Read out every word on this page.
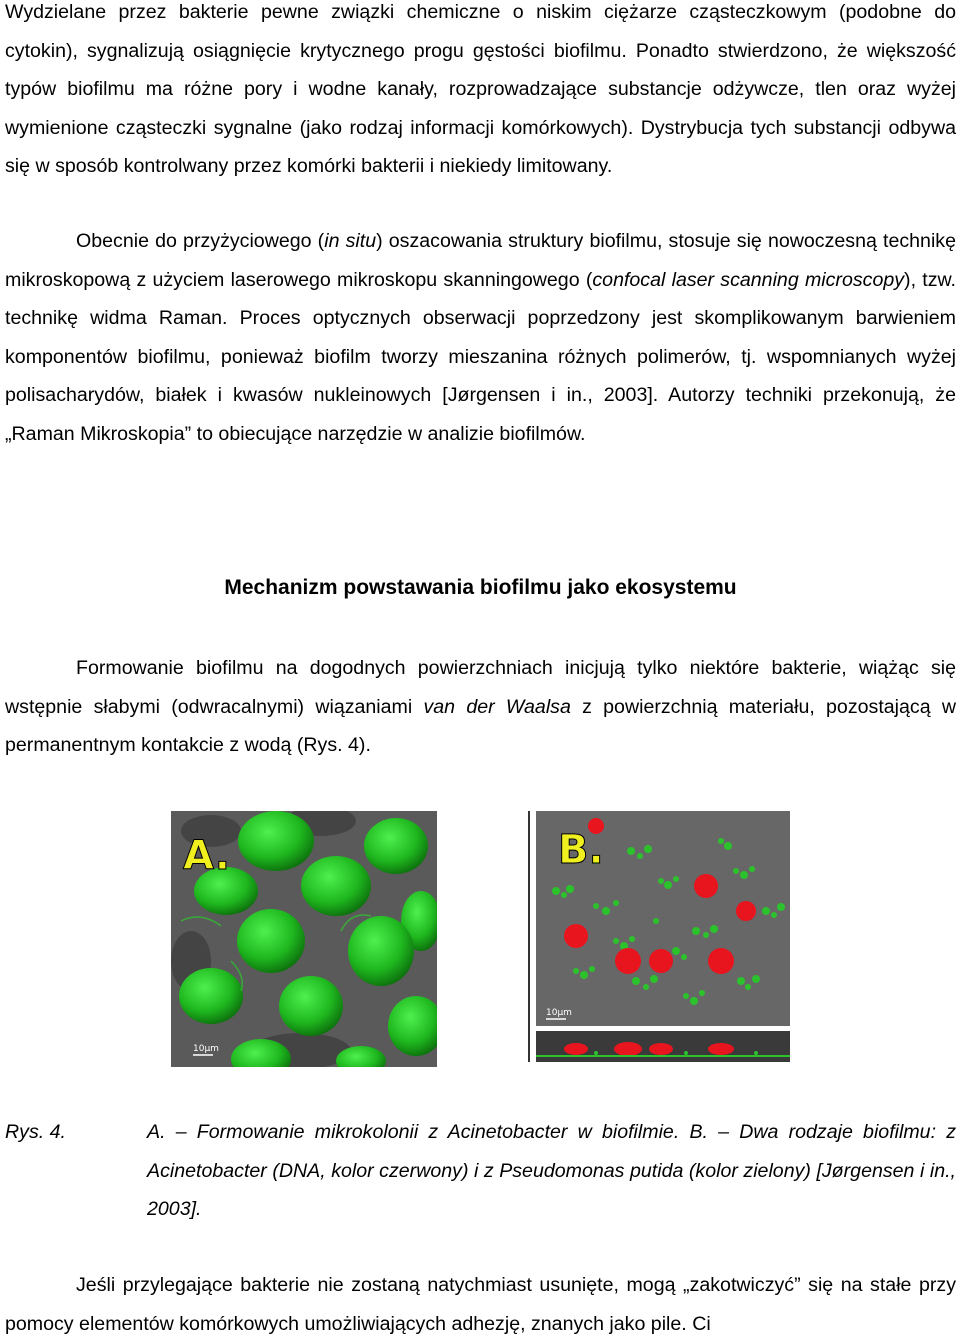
Wydzielane przez bakterie pewne związki chemiczne o niskim ciężarze cząsteczkowym (podobne do cytokin), sygnalizują osiągnięcie krytycznego progu gęstości biofilmu. Ponadto stwierdzono, że większość typów biofilmu ma różne pory i wodne kanały, rozprowadzające substancje odżywcze, tlen oraz wyżej wymienione cząsteczki sygnalne (jako rodzaj informacji komórkowych). Dystrybucja tych substancji odbywa się w sposób kontrolwany przez komórki bakterii i niekiedy limitowany.

Obecnie do przyżyciowego (in situ) oszacowania struktury biofilmu, stosuje się nowoczesną technikę mikroskopową z użyciem laserowego mikroskopu skanningowego (confocal laser scanning microscopy), tzw. technikę widma Raman. Proces optycznych obserwacji poprzedzony jest skomplikowanym barwieniem komponentów biofilmu, ponieważ biofilm tworzy mieszanina różnych polimerów, tj. wspomnianych wyżej polisacharydów, białek i kwasów nukleinowych [Jørgensen i in., 2003]. Autorzy techniki przekonują, że „Raman Mikroskopia” to obiecujące narzędzie w analizie biofilmów.

Mechanizm powstawania biofilmu jako ekosystemu

Formowanie biofilmu na dogodnych powierzchniach inicjują tylko niektóre bakterie, wiążąc się wstępnie słabymi (odwracalnymi) wiązaniami van der Waalsa z powierzchnią materiału, pozostającą w permanentnym kontakcie z wodą (Rys. 4).

A.
10µm
B.
10µm
Rys. 4.	A. – Formowanie mikrokolonii z Acinetobacter w biofilmie. B. – Dwa rodzaje biofilmu: z Acinetobacter (DNA, kolor czerwony) i z Pseudomonas putida (kolor zielony) [Jørgensen i in., 2003].

Jeśli przylegające bakterie nie zostaną natychmiast usunięte, mogą „zakotwiczyć” się na stałe przy pomocy elementów komórkowych umożliwiających adhezję, znanych jako pile. Ci
